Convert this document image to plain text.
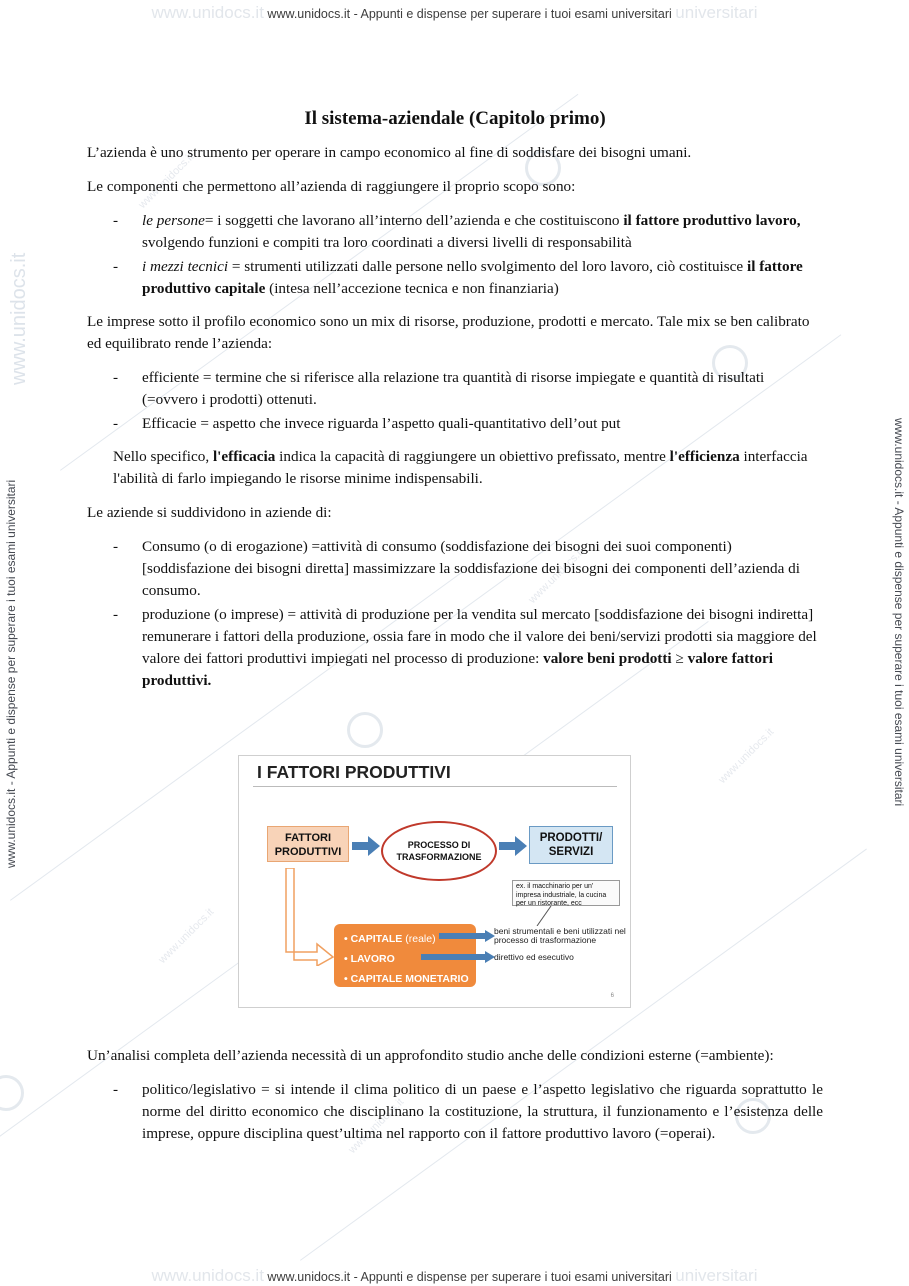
www.unidocs.it
www.unidocs.it
www.unidocs.it
www.unidocs.it
www.unidocs.it
www.unidocs.it www.unidocs.it - Appunti e dispense per superare i tuoi esami universitari universitari
www.unidocs.it www.unidocs.it - Appunti e dispense per superare i tuoi esami universitari universitari
www.unidocs.it - Appunti e dispense per superare i tuoi esami universitari
www.unidocs.it
www.unidocs.it - Appunti e dispense per superare i tuoi esami universitari
Il sistema-aziendale (Capitolo primo)

L’azienda è uno strumento per operare in campo economico al fine di soddisfare dei bisogni umani.

Le componenti che permettono all’azienda di raggiungere il proprio scopo sono:

- le persone= i soggetti che lavorano all’interno dell’azienda e che costituiscono il fattore produttivo lavoro, svolgendo funzioni e compiti tra loro coordinati a diversi livelli di responsabilità
- i mezzi tecnici = strumenti utilizzati dalle persone nello svolgimento del loro lavoro, ciò costituisce il fattore produttivo capitale (intesa nell’accezione tecnica e non finanziaria)

Le imprese sotto il profilo economico sono un mix di risorse, produzione, prodotti e mercato. Tale mix se ben calibrato ed equilibrato rende l’azienda:

- efficiente = termine che si riferisce alla relazione tra quantità di risorse impiegate e quantità di risultati (=ovvero i prodotti) ottenuti.
- Efficacie = aspetto che invece riguarda l’aspetto quali-quantitativo dell’out put

Nello specifico, l'efficacia indica la capacità di raggiungere un obiettivo prefissato, mentre l'efficienza interfaccia l'abilità di farlo impiegando le risorse minime indispensabili.

Le aziende si suddividono in aziende di:

- Consumo (o di erogazione) =attività di consumo (soddisfazione dei bisogni dei suoi componenti) [soddisfazione dei bisogni diretta] massimizzare la soddisfazione dei bisogni dei componenti dell’azienda di consumo.
- produzione (o imprese) = attività di produzione per la vendita sul mercato [soddisfazione dei bisogni indiretta] remunerare i fattori della produzione, ossia fare in modo che il valore dei beni/servizi prodotti sia maggiore del valore dei fattori produttivi impiegati nel processo di produzione: valore beni prodotti ≥ valore fattori produttivi.
I FATTORI PRODUTTIVI
FATTORI PRODUTTIVI
PROCESSO DI TRASFORMAZIONE
PRODOTTI/ SERVIZI
ex. il macchinario per un' impresa industriale, la cucina per un ristorante, ecc
• CAPITALE (reale)
• LAVORO
• CAPITALE MONETARIO
beni strumentali e beni utilizzati nel processo di trasformazione
direttivo ed esecutivo
6

Un’analisi completa dell’azienda necessità di un approfondito studio anche delle condizioni esterne (=ambiente):

- politico/legislativo = si intende il clima politico di un paese e l’aspetto legislativo che riguarda soprattutto le norme del diritto economico che disciplinano la costituzione, la struttura, il funzionamento e l’esistenza delle imprese, oppure disciplina quest’ultima nel rapporto con il fattore produttivo lavoro (=operai).
